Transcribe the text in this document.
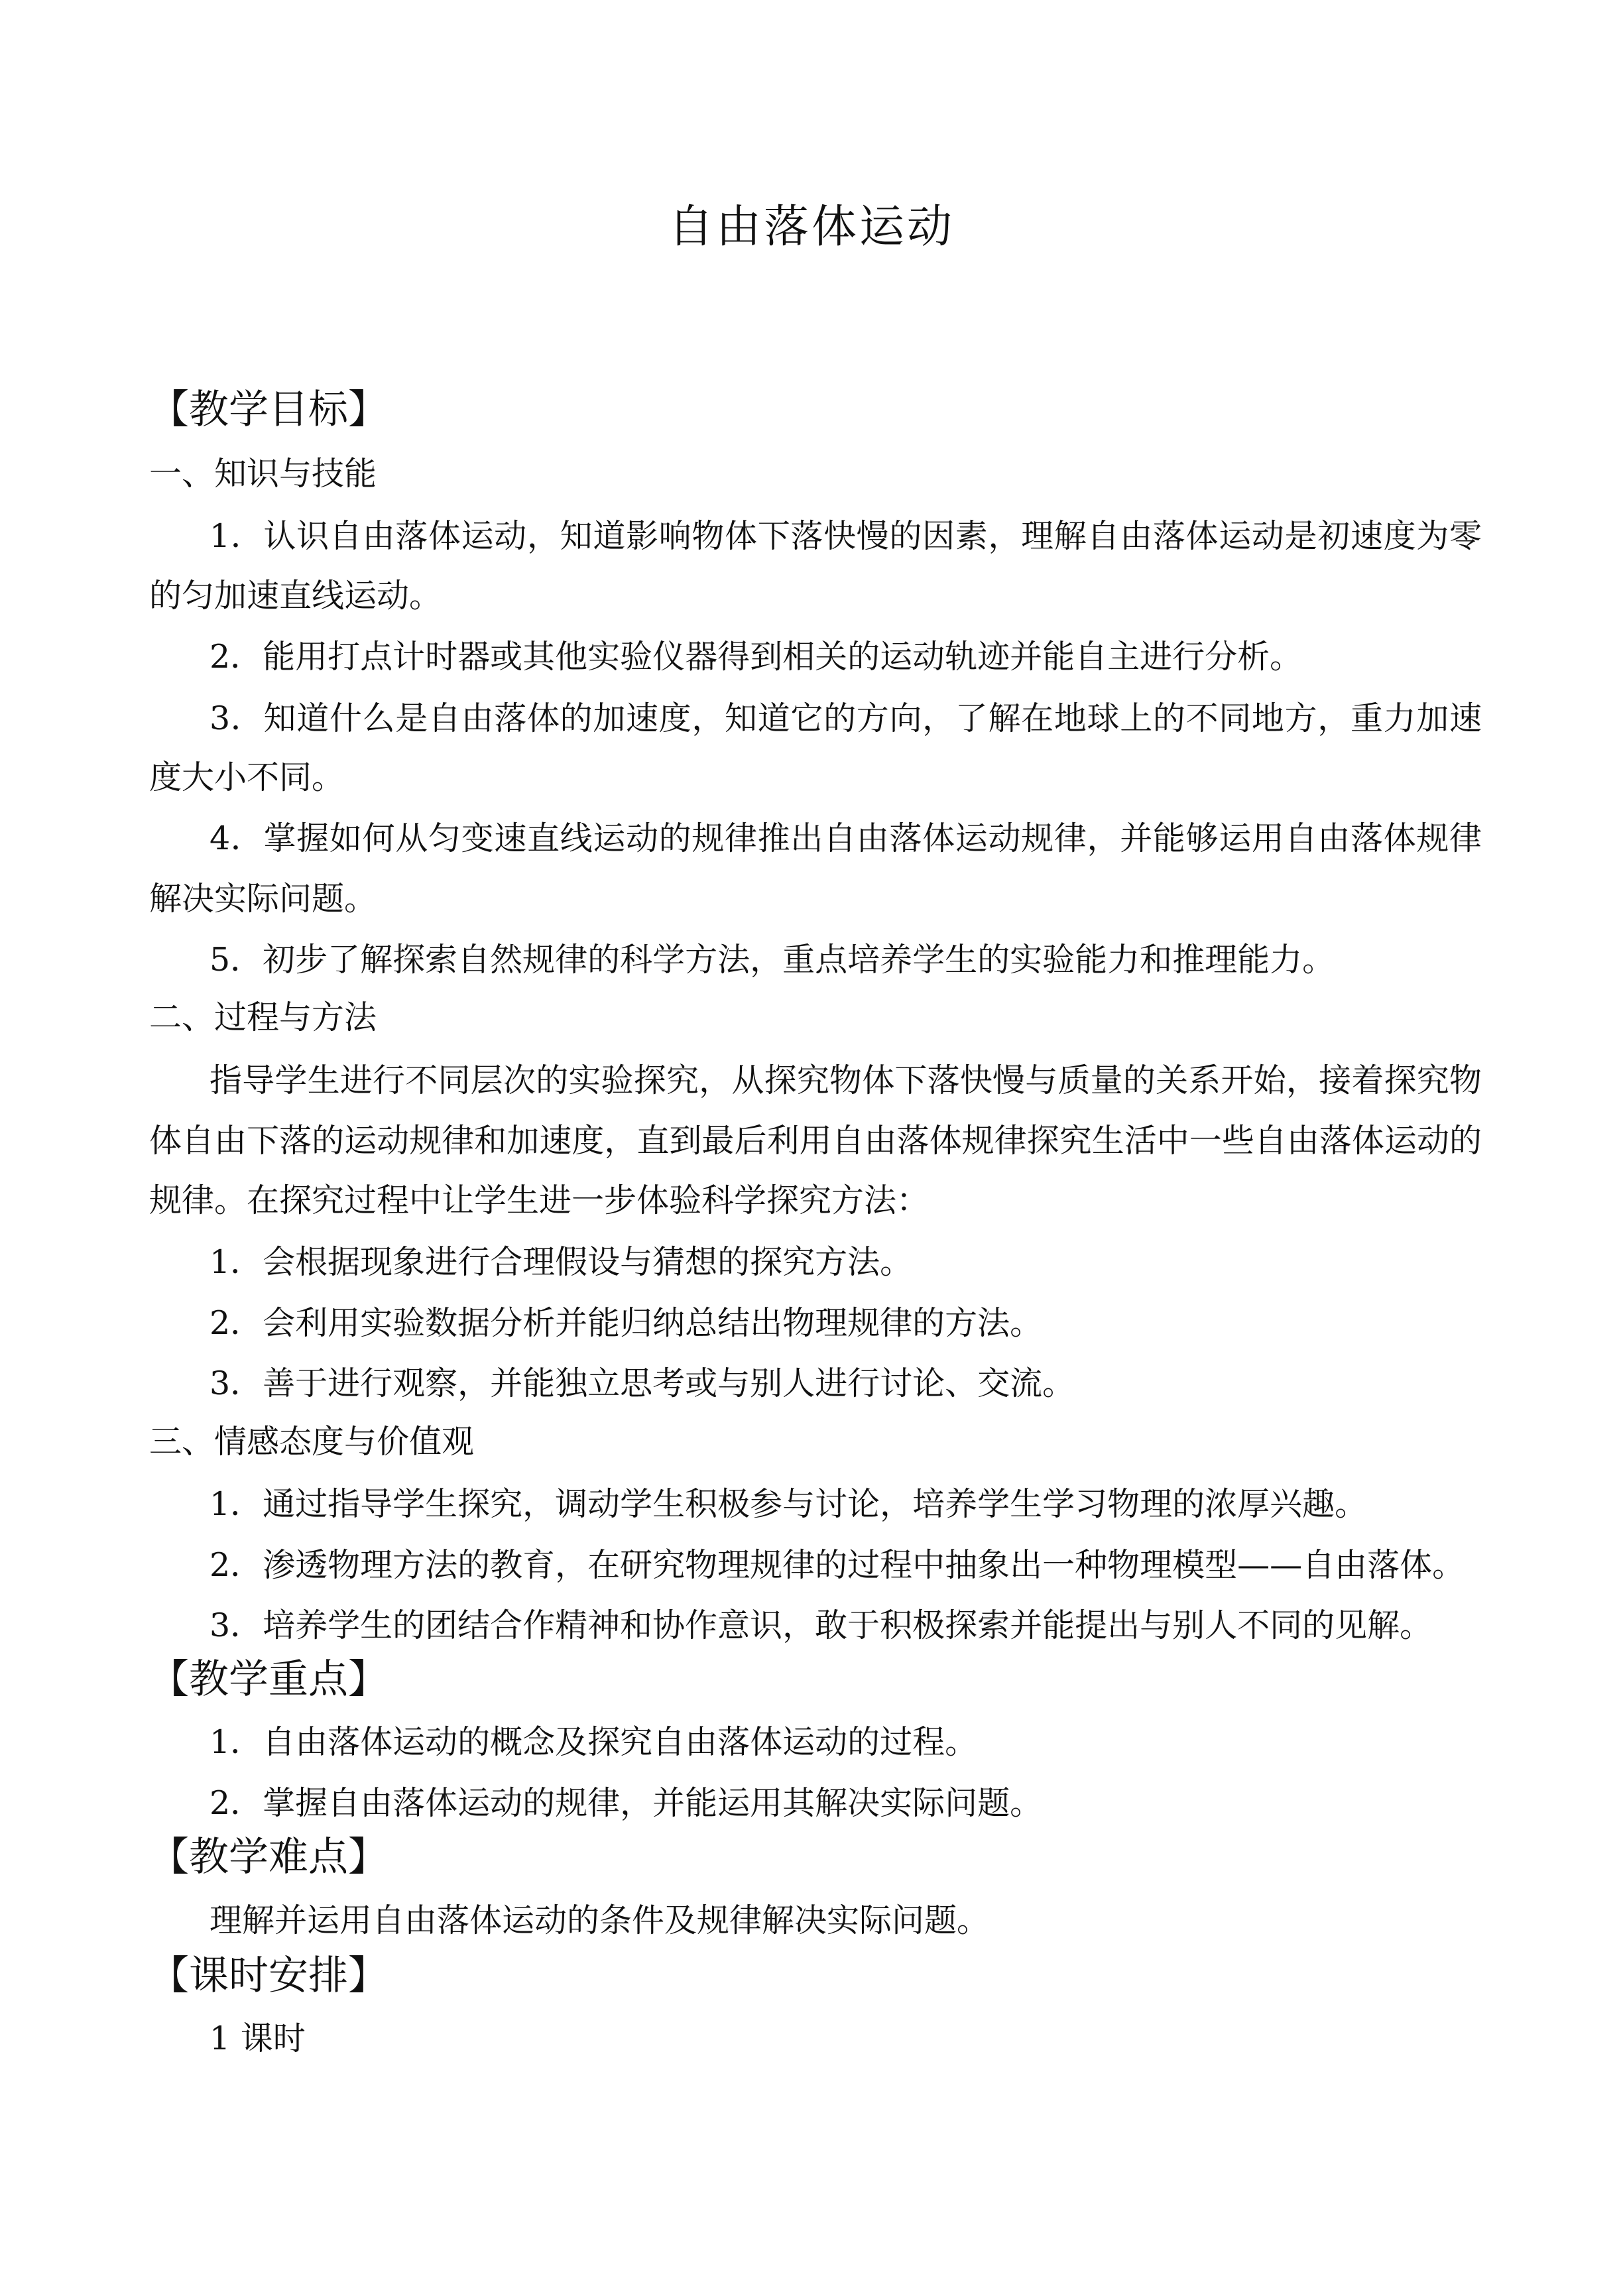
自由落体运动
【教学目标】
一、知识与技能
1．认识自由落体运动，知道影响物体下落快慢的因素，理解自由落体运动是初速度为零
的匀加速直线运动。
2．能用打点计时器或其他实验仪器得到相关的运动轨迹并能自主进行分析。
3．知道什么是自由落体的加速度，知道它的方向，了解在地球上的不同地方，重力加速
度大小不同。
4．掌握如何从匀变速直线运动的规律推出自由落体运动规律，并能够运用自由落体规律
解决实际问题。
5．初步了解探索自然规律的科学方法，重点培养学生的实验能力和推理能力。
二、过程与方法
指导学生进行不同层次的实验探究，从探究物体下落快慢与质量的关系开始，接着探究物
体自由下落的运动规律和加速度，直到最后利用自由落体规律探究生活中一些自由落体运动的
规律。在探究过程中让学生进一步体验科学探究方法：
1．会根据现象进行合理假设与猜想的探究方法。
2．会利用实验数据分析并能归纳总结出物理规律的方法。
3．善于进行观察，并能独立思考或与别人进行讨论、交流。
三、情感态度与价值观
1．通过指导学生探究，调动学生积极参与讨论，培养学生学习物理的浓厚兴趣。
2．渗透物理方法的教育，在研究物理规律的过程中抽象出一种物理模型——自由落体。
3．培养学生的团结合作精神和协作意识，敢于积极探索并能提出与别人不同的见解。
【教学重点】
1．自由落体运动的概念及探究自由落体运动的过程。
2．掌握自由落体运动的规律，并能运用其解决实际问题。
【教学难点】
理解并运用自由落体运动的条件及规律解决实际问题。
【课时安排】
1 课时
